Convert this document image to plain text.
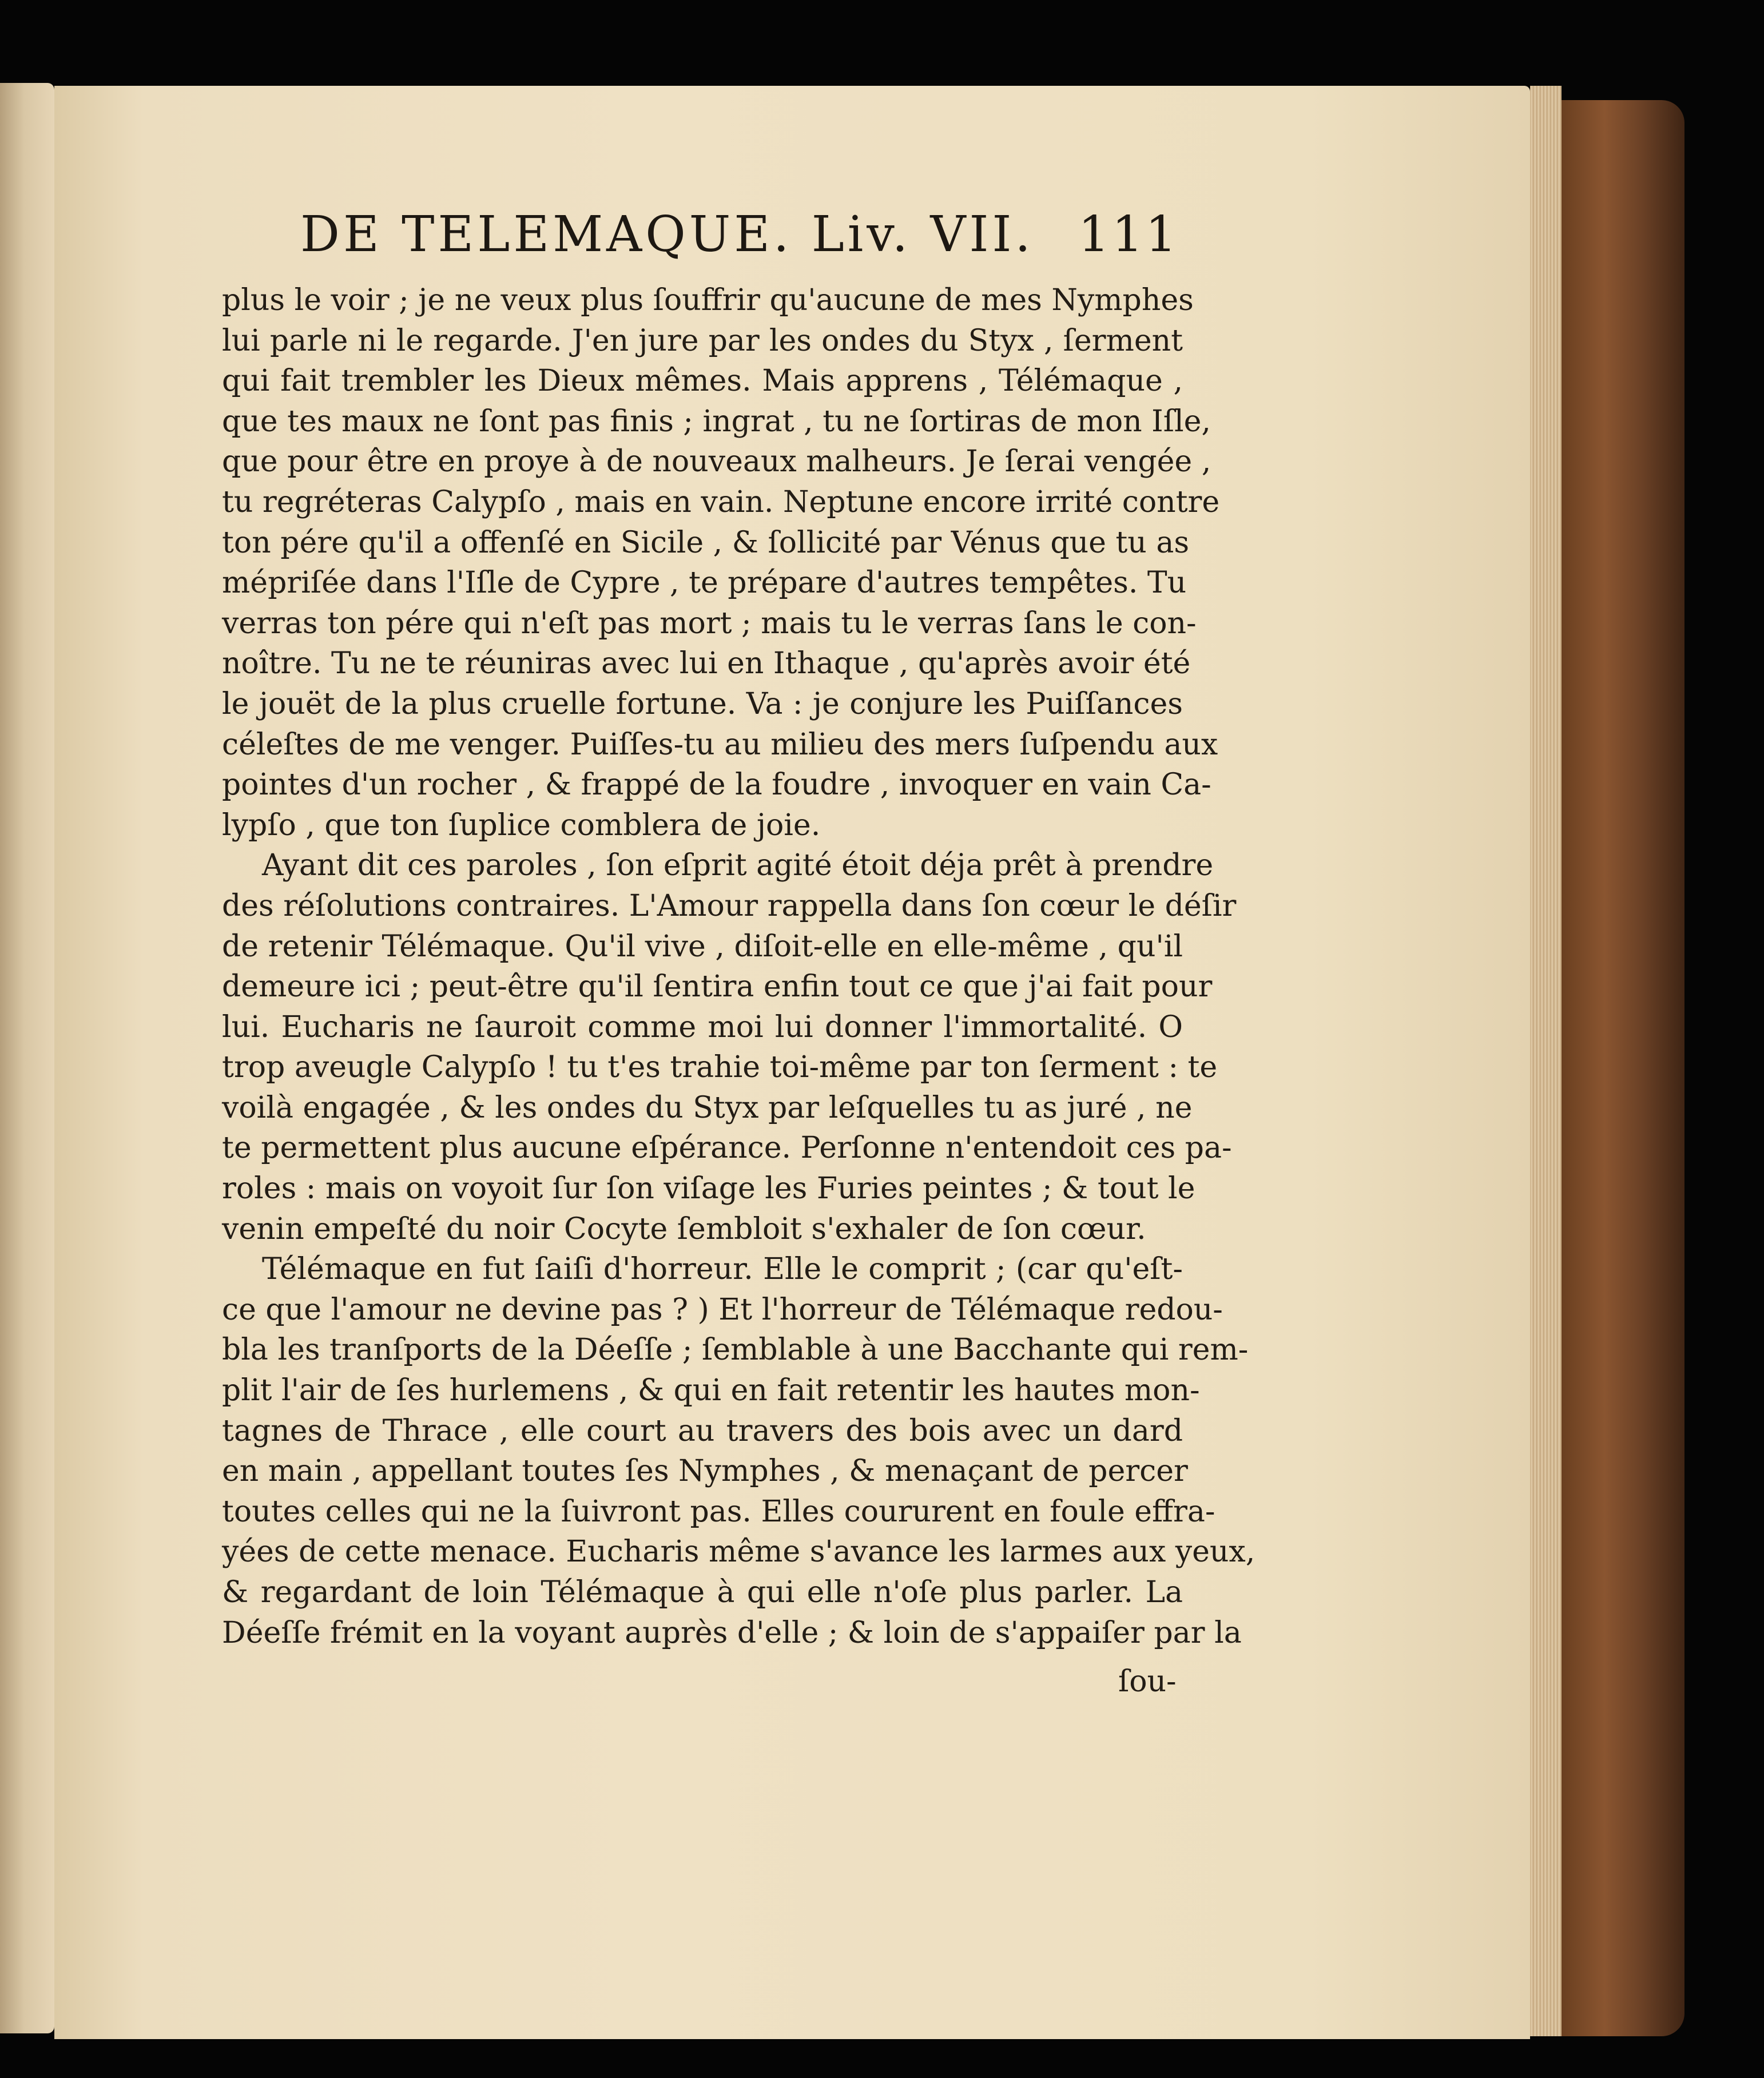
DE TELEMAQUE. Liv. VII. 111
plus le voir ; je ne veux plus ſouffrir qu'aucune de mes Nymphes
lui parle ni le regarde. J'en jure par les ondes du Styx , ſerment
qui fait trembler les Dieux mêmes. Mais apprens , Télémaque ,
que tes maux ne ſont pas finis ; ingrat , tu ne ſortiras de mon Iſle,
que pour être en proye à de nouveaux malheurs. Je ſerai vengée ,
tu regréteras Calypſo , mais en vain. Neptune encore irrité contre
ton pére qu'il a offenſé en Sicile , & ſollicité par Vénus que tu as
mépriſée dans l'Iſle de Cypre , te prépare d'autres tempêtes. Tu
verras ton pére qui n'eſt pas mort ; mais tu le verras ſans le con-
noître. Tu ne te réuniras avec lui en Ithaque , qu'après avoir été
le jouët de la plus cruelle fortune. Va : je conjure les Puiſſances
céleſtes de me venger. Puiſſes-tu au milieu des mers ſuſpendu aux
pointes d'un rocher , & frappé de la foudre , invoquer en vain Ca-
lypſo , que ton ſuplice comblera de joie.
Ayant dit ces paroles , ſon eſprit agité étoit déja prêt à prendre
des réſolutions contraires. L'Amour rappella dans ſon cœur le déſir
de retenir Télémaque. Qu'il vive , diſoit-elle en elle-même , qu'il
demeure ici ; peut-être qu'il ſentira enfin tout ce que j'ai fait pour
lui. Eucharis ne ſauroit comme moi lui donner l'immortalité. O
trop aveugle Calypſo ! tu t'es trahie toi-même par ton ſerment : te
voilà engagée , & les ondes du Styx par leſquelles tu as juré , ne
te permettent plus aucune eſpérance. Perſonne n'entendoit ces pa-
roles : mais on voyoit ſur ſon viſage les Furies peintes ; & tout le
venin empeſté du noir Cocyte ſembloit s'exhaler de ſon cœur.
Télémaque en fut ſaiſi d'horreur. Elle le comprit ; (car qu'eſt-
ce que l'amour ne devine pas ? ) Et l'horreur de Télémaque redou-
bla les tranſports de la Déeſſe ; ſemblable à une Bacchante qui rem-
plit l'air de ſes hurlemens , & qui en fait retentir les hautes mon-
tagnes de Thrace , elle court au travers des bois avec un dard
en main , appellant toutes ſes Nymphes , & menaçant de percer
toutes celles qui ne la ſuivront pas. Elles coururent en foule effra-
yées de cette menace. Eucharis même s'avance les larmes aux yeux,
& regardant de loin Télémaque à qui elle n'oſe plus parler. La
Déeſſe frémit en la voyant auprès d'elle ; & loin de s'appaiſer par la
ſou-
